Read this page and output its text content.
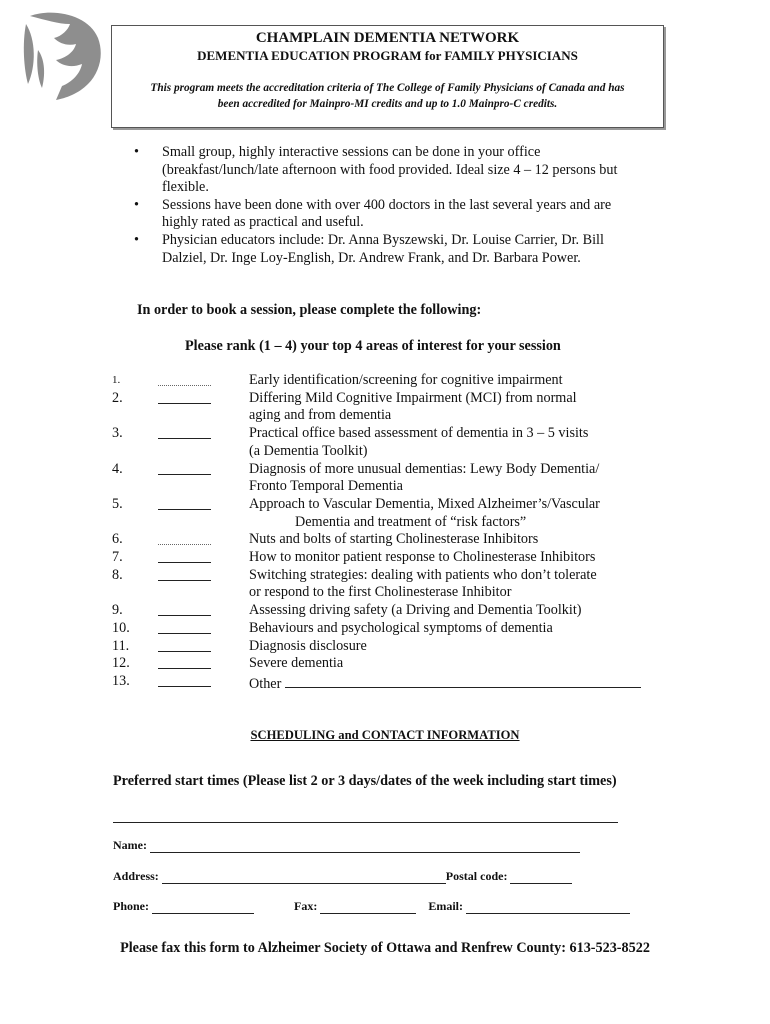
CHAMPLAIN DEMENTIA NETWORK
DEMENTIA EDUCATION PROGRAM for FAMILY PHYSICIANS
This program meets the accreditation criteria of The College of Family Physicians of Canada and has
been accredited for Mainpro-MI credits and up to 1.0 Mainpro-C credits.
•	Small group, highly interactive sessions can be done in your office
(breakfast/lunch/late afternoon with food provided. Ideal size 4 – 12 persons but
flexible.
•	Sessions have been done with over 400 doctors in the last several years and are
highly rated as practical and useful.
•	Physician educators include: Dr. Anna Byszewski, Dr. Louise Carrier, Dr. Bill
Dalziel, Dr. Inge Loy-English, Dr. Andrew Frank, and Dr. Barbara Power.
In order to book a session, please complete the following:
Please rank (1 – 4) your top 4 areas of interest for your session
1.	Early identification/screening for cognitive impairment
2.	Differing Mild Cognitive Impairment (MCI) from normal
aging and from dementia
3.	Practical office based assessment of dementia in 3 – 5 visits
(a Dementia Toolkit)
4.	Diagnosis of more unusual dementias: Lewy Body Dementia/
Fronto Temporal Dementia
5.	Approach to Vascular Dementia, Mixed Alzheimer’s/Vascular
Dementia and treatment of “risk factors”
6.	Nuts and bolts of starting Cholinesterase Inhibitors
7.	How to monitor patient response to Cholinesterase Inhibitors
8.	Switching strategies: dealing with patients who don’t tolerate
or respond to the first Cholinesterase Inhibitor
9.	Assessing driving safety (a Driving and Dementia Toolkit)
10.	Behaviours and psychological symptoms of dementia
11.	Diagnosis disclosure
12.	Severe dementia
13.	Other
SCHEDULING and CONTACT INFORMATION
Preferred start times (Please list 2 or 3 days/dates of the week including start times)
Name:
Address:	Postal code:
Phone:	Fax:	Email:
Please fax this form to Alzheimer Society of Ottawa and Renfrew County: 613-523-8522
